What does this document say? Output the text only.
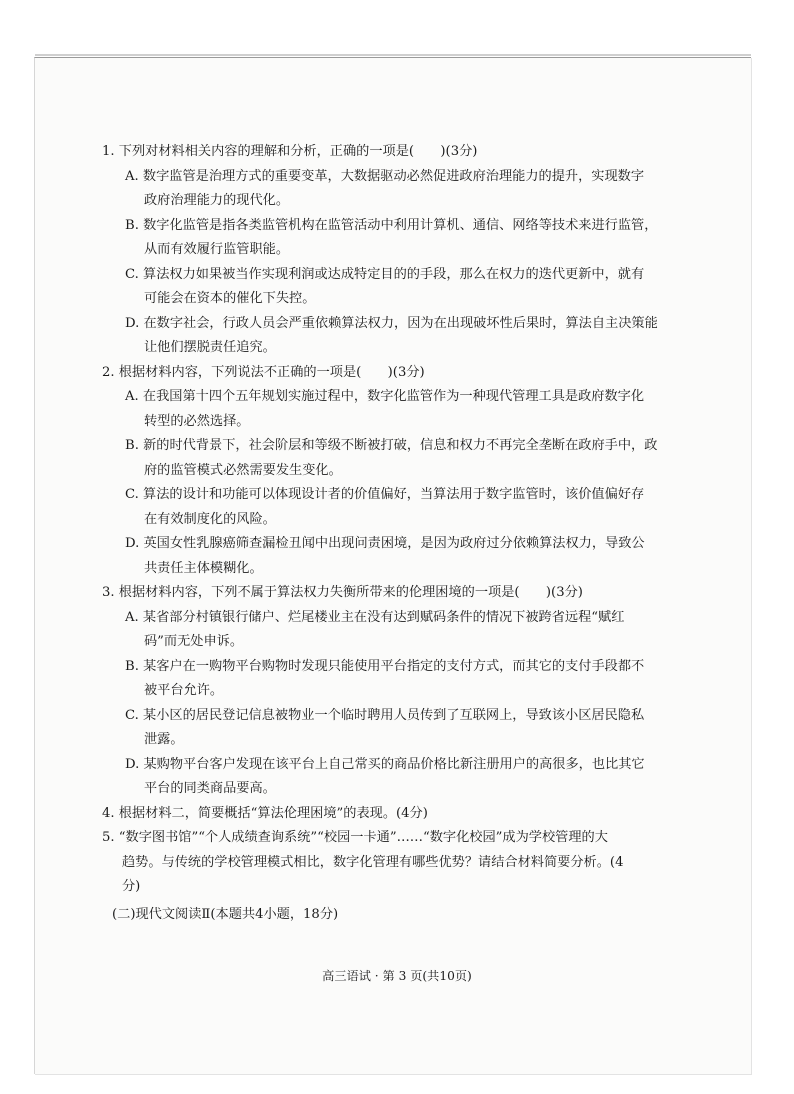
1. 下列对材料相关内容的理解和分析，正确的一项是(　　)(3分)
A. 数字监管是治理方式的重要变革，大数据驱动必然促进政府治理能力的提升，实现数字
政府治理能力的现代化。
B. 数字化监管是指各类监管机构在监管活动中利用计算机、通信、网络等技术来进行监管，
从而有效履行监管职能。
C. 算法权力如果被当作实现利润或达成特定目的的手段，那么在权力的迭代更新中，就有
可能会在资本的催化下失控。
D. 在数字社会，行政人员会严重依赖算法权力，因为在出现破坏性后果时，算法自主决策能
让他们摆脱责任追究。
2. 根据材料内容，下列说法不正确的一项是(　　)(3分)
A. 在我国第十四个五年规划实施过程中，数字化监管作为一种现代管理工具是政府数字化
转型的必然选择。
B. 新的时代背景下，社会阶层和等级不断被打破，信息和权力不再完全垄断在政府手中，政
府的监管模式必然需要发生变化。
C. 算法的设计和功能可以体现设计者的价值偏好，当算法用于数字监管时，该价值偏好存
在有效制度化的风险。
D. 英国女性乳腺癌筛查漏检丑闻中出现问责困境，是因为政府过分依赖算法权力，导致公
共责任主体模糊化。
3. 根据材料内容，下列不属于算法权力失衡所带来的伦理困境的一项是(　　)(3分)
A. 某省部分村镇银行储户、烂尾楼业主在没有达到赋码条件的情况下被跨省远程“赋红
码”而无处申诉。
B. 某客户在一购物平台购物时发现只能使用平台指定的支付方式，而其它的支付手段都不
被平台允许。
C. 某小区的居民登记信息被物业一个临时聘用人员传到了互联网上，导致该小区居民隐私
泄露。
D. 某购物平台客户发现在该平台上自己常买的商品价格比新注册用户的高很多，也比其它
平台的同类商品要高。
4. 根据材料二，简要概括“算法伦理困境”的表现。(4分)
5. “数字图书馆”“个人成绩查询系统”“校园一卡通”……“数字化校园”成为学校管理的大
趋势。与传统的学校管理模式相比，数字化管理有哪些优势？请结合材料简要分析。(4
分)
(二)现代文阅读Ⅱ(本题共4小题，18分)
高三语试 · 第 3 页(共10页)
